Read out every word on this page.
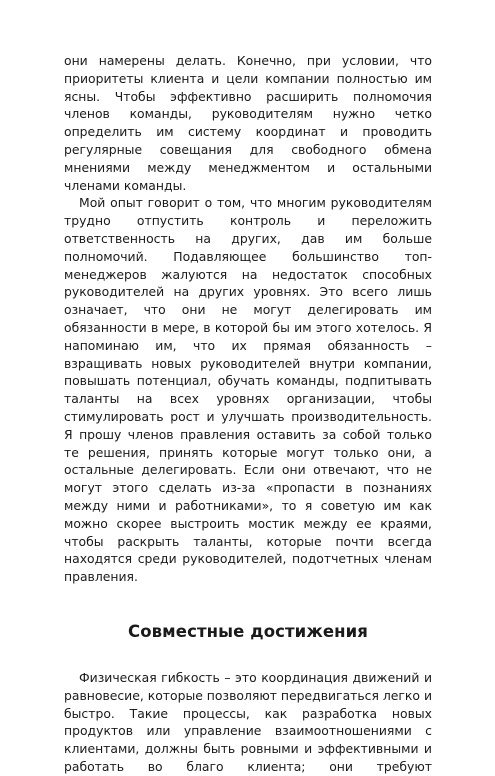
они намерены делать. Конечно, при условии, что приоритеты клиента и цели компании полностью им ясны. Чтобы эффективно расширить полномочия членов команды, руководителям нужно четко определить им систему координат и проводить регулярные совещания для свободного обмена мнениями между менеджментом и остальными членами команды.

Мой опыт говорит о том, что многим руководителям трудно отпустить контроль и переложить ответственность на других, дав им больше полномочий. Подавляющее большинство топ-менеджеров жалуются на недостаток способных руководителей на других уровнях. Это всего лишь означает, что они не могут делегировать им обязанности в мере, в которой бы им этого хотелось. Я напоминаю им, что их прямая обязанность – взращивать новых руководителей внутри компании, повышать потенциал, обучать команды, подпитывать таланты на всех уровнях организации, чтобы стимулировать рост и улучшать производительность. Я прошу членов правления оставить за собой только те решения, принять которые могут только они, а остальные делегировать. Если они отвечают, что не могут этого сделать из-за «пропасти в познаниях между ними и работниками», то я советую им как можно скорее выстроить мостик между ее краями, чтобы раскрыть таланты, которые почти всегда находятся среди руководителей, подотчетных членам правления.

Совместные достижения

Физическая гибкость – это координация движений и равновесие, которые позволяют передвигаться легко и быстро. Такие процессы, как разработка новых продуктов или управление взаимоотношениями с клиентами, должны быть ровными и эффективными и работать во благо клиента; они требуют
